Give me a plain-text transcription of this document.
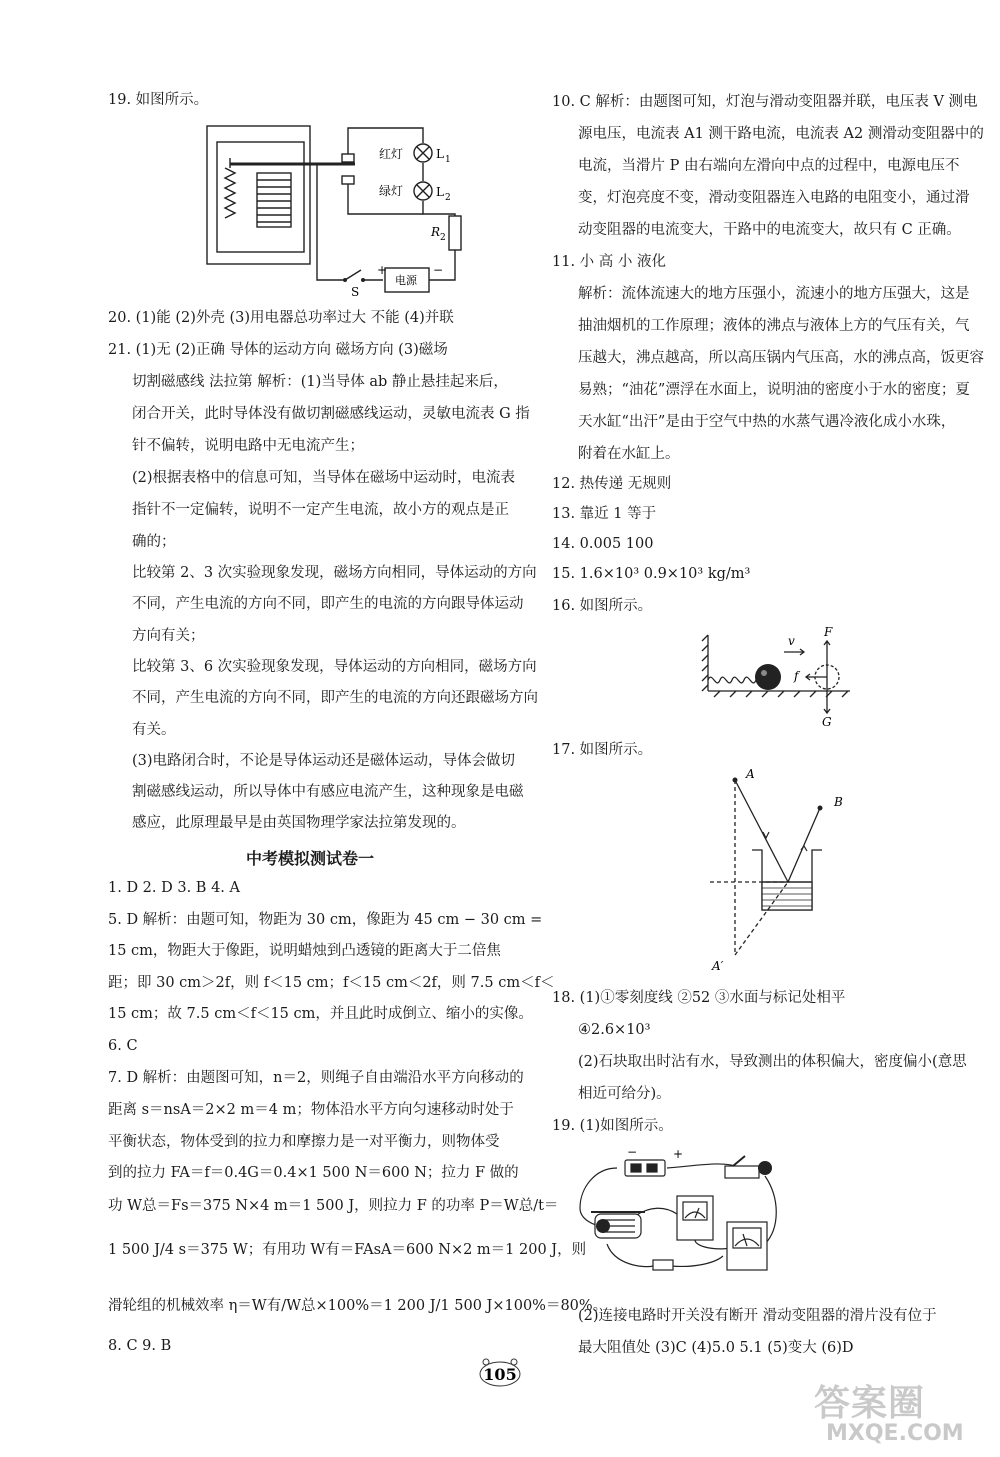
19. 如图所示。
红灯
绿灯
L 1
L 2
R 2
S
+	−
电源
20. (1)能 (2)外壳 (3)用电器总功率过大 不能 (4)并联
21. (1)无 (2)正确 导体的运动方向 磁场方向 (3)磁场
切割磁感线 法拉第 解析：(1)当导体 ab 静止悬挂起来后，
闭合开关，此时导体没有做切割磁感线运动，灵敏电流表 G 指
针不偏转，说明电路中无电流产生；
(2)根据表格中的信息可知，当导体在磁场中运动时，电流表
指针不一定偏转，说明不一定产生电流，故小方的观点是正
确的；
比较第 2、3 次实验现象发现，磁场方向相同，导体运动的方向
不同，产生电流的方向不同，即产生的电流的方向跟导体运动
方向有关；
比较第 3、6 次实验现象发现，导体运动的方向相同，磁场方向
不同，产生电流的方向不同，即产生的电流的方向还跟磁场方向
有关。
(3)电路闭合时，不论是导体运动还是磁体运动，导体会做切
割磁感线运动，所以导体中有感应电流产生，这种现象是电磁
感应，此原理最早是由英国物理学家法拉第发现的。
中考模拟测试卷一
1. D 2. D 3. B 4. A
5. D 解析：由题可知，物距为 30 cm，像距为 45 cm − 30 cm =
15 cm，物距大于像距，说明蜡烛到凸透镜的距离大于二倍焦
距；即 30 cm＞2f，则 f＜15 cm；f＜15 cm＜2f，则 7.5 cm＜f＜
15 cm；故 7.5 cm＜f＜15 cm，并且此时成倒立、缩小的实像。
6. C
7. D 解析：由题图可知，n＝2，则绳子自由端沿水平方向移动的
距离 s＝nsA＝2×2 m＝4 m；物体沿水平方向匀速移动时处于
平衡状态，物体受到的拉力和摩擦力是一对平衡力，则物体受
到的拉力 FA＝f＝0.4G＝0.4×1 500 N＝600 N；拉力 F 做的
功 W总＝Fs＝375 N×4 m＝1 500 J，则拉力 F 的功率 P＝W总/t＝
1 500 J/4 s＝375 W；有用功 W有＝FAsA＝600 N×2 m＝1 200 J，则
滑轮组的机械效率 η＝W有/W总×100%＝1 200 J/1 500 J×100%＝80%。
8. C 9. B
10. C 解析：由题图可知，灯泡与滑动变阻器并联，电压表 V 测电
源电压，电流表 A1 测干路电流，电流表 A2 测滑动变阻器中的
电流，当滑片 P 由右端向左滑向中点的过程中，电源电压不
变，灯泡亮度不变，滑动变阻器连入电路的电阻变小，通过滑
动变阻器的电流变大，干路中的电流变大，故只有 C 正确。
11. 小 高 小 液化
解析：流体流速大的地方压强小，流速小的地方压强大，这是
抽油烟机的工作原理；液体的沸点与液体上方的气压有关，气
压越大，沸点越高，所以高压锅内气压高，水的沸点高，饭更容
易熟；“油花”漂浮在水面上，说明油的密度小于水的密度；夏
天水缸“出汗”是由于空气中热的水蒸气遇冷液化成小水珠，
附着在水缸上。
12. 热传递 无规则
13. 靠近 1 等于
14. 0.005 100
15. 1.6×10³ 0.9×10³ kg/m³
16. 如图所示。
v
F
f
G
17. 如图所示。
A
B
A′
18. (1)①零刻度线 ②52 ③水面与标记处相平
④2.6×10³
(2)石块取出时沾有水，导致测出的体积偏大，密度偏小(意思
相近可给分)。
19. (1)如图所示。
−	+
(2)连接电路时开关没有断开 滑动变阻器的滑片没有位于
最大阻值处 (3)C (4)5.0 5.1 (5)变大 (6)D
105
答案圈
MXQE.COM
